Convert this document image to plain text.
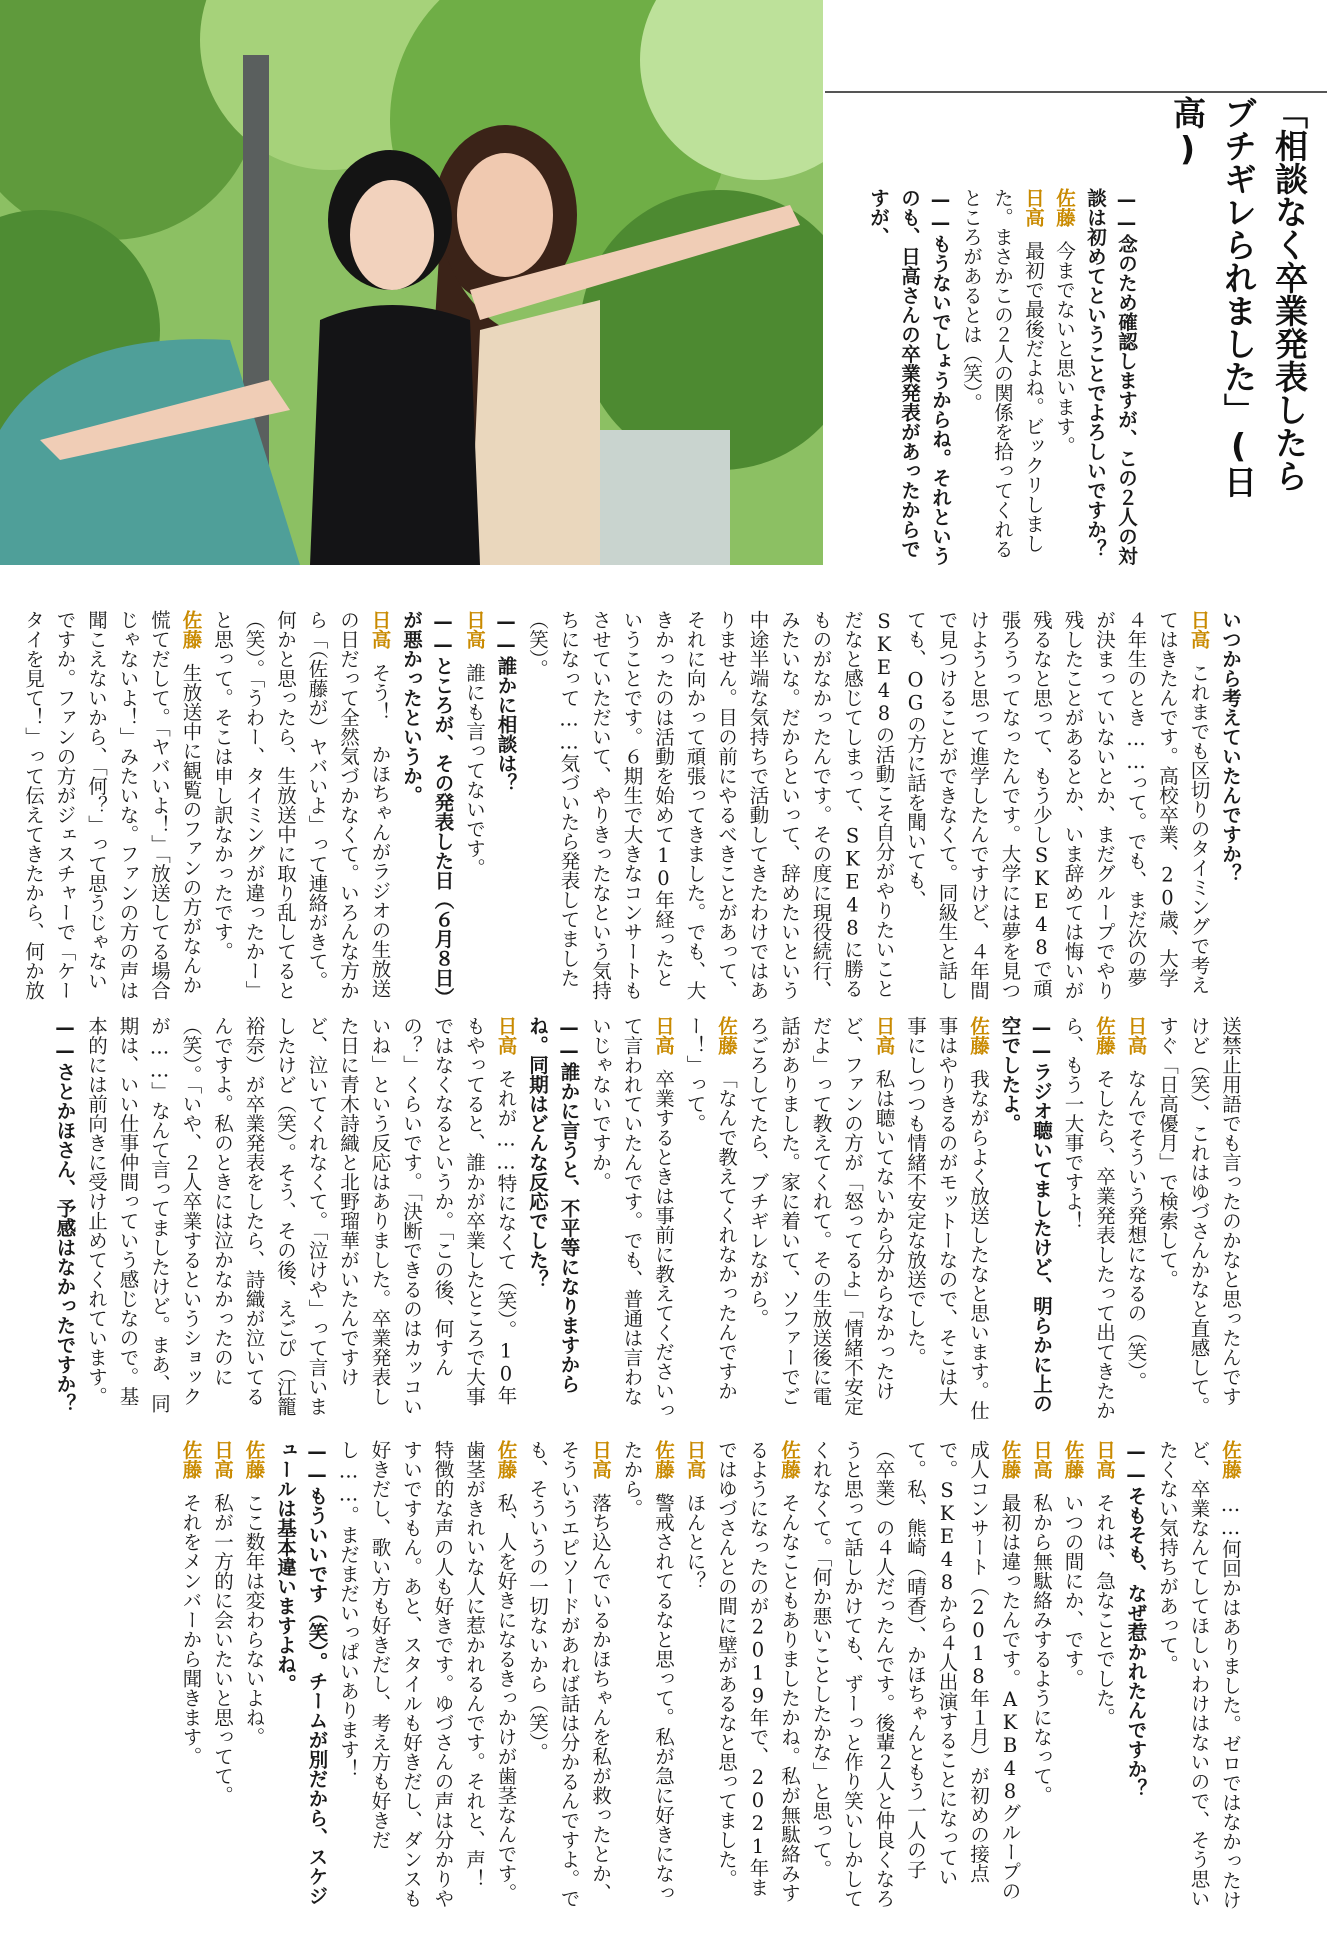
「相談なく卒業発表したら
ブチギレられました」(日高)
——念のため確認しますが、この２人の対談は初めてということでよろしいですか？
佐藤今までないと思います。
日高最初で最後だよね。ビックリしました。まさかこの２人の関係を拾ってくれるところがあるとは（笑）。
——もうないでしょうからね。それというのも、日高さんの卒業発表があったからですが、
いつから考えていたんですか？
日高これまでも区切りのタイミングで考えてはきたんです。高校卒業、20歳、大学４年生のとき……って。でも、まだ次の夢が決まっていないとか、まだグループでやり残したことがあるとか、いま辞めては悔いが残るなと思って、もう少しSKE48で頑張ろうってなったんです。大学には夢を見つけようと思って進学したんですけど、４年間で見つけることができなくて。同級生と話しても、OGの方に話を聞いても、SKE48の活動こそ自分がやりたいことだなと感じてしまって、SKE48に勝るものがなかったんです。その度に現役続行、みたいな。だからといって、辞めたいという中途半端な気持ちで活動してきたわけではありません。目の前にやるべきことがあって、それに向かって頑張ってきました。でも、大きかったのは活動を始めて10年経ったということです。６期生で大きなコンサートもさせていただいて、やりきったなという気持ちになって……気づいたら発表してました（笑）。
——誰かに相談は？
日高誰にも言ってないです。
——ところが、その発表した日（６月８日）が悪かったというか。
日高そう！ かほちゃんがラジオの生放送の日だって全然気づかなくて。いろんな方から「（佐藤が）ヤバいよ」って連絡がきて。何かと思ったら、生放送中に取り乱してると（笑）。「うわー、タイミングが違ったかー」と思って。そこは申し訳なかったです。
佐藤生放送中に観覧のファンの方がなんか慌てだして。「ヤバいよ！」「放送してる場合じゃないよ！」みたいな。ファンの方の声は聞こえないから、「何？」って思うじゃないですか。ファンの方がジェスチャーで「ケータイを見て！」って伝えてきたから、何か放
送禁止用語でも言ったのかなと思ったんですけど（笑）、これはゆづさんかなと直感して。すぐ「日高優月」で検索して。
日高なんでそういう発想になるの（笑）。
佐藤そしたら、卒業発表したって出てきたから、もう一大事ですよ！
——ラジオ聴いてましたけど、明らかに上の空でしたよ。
佐藤我ながらよく放送したなと思います。仕事はやりきるのがモットーなので、そこは大事にしつつも情緒不安定な放送でした。
日高私は聴いてないから分からなかったけど、ファンの方が「怒ってるよ」「情緒不安定だよ」って教えてくれて。その生放送後に電話がありました。家に着いて、ソファーでごろごろしてたら、ブチギレながら。
佐藤「なんで教えてくれなかったんですかー！」って。
日高卒業するときは事前に教えてくださいって言われていたんです。でも、普通は言わないじゃないですか。
——誰かに言うと、不平等になりますからね。同期はどんな反応でした？
日高それが……特になくて（笑）。10年もやってると、誰かが卒業したところで大事ではなくなるというか。「この後、何すんの？」くらいです。「決断できるのはカッコいいね」という反応はありました。卒業発表した日に青木詩織と北野瑠華がいたんですけど、泣いてくれなくて。「泣けや」って言いましたけど（笑）。そう、その後、えごぴ（江籠裕奈）が卒業発表をしたら、詩織が泣いてるんですよ。私のときには泣かなかったのに（笑）。「いや、２人卒業するというショックが……」なんて言ってましたけど。まあ、同期は、いい仕事仲間っていう感じなので。基本的には前向きに受け止めてくれています。
——さとかほさん、予感はなかったですか？
佐藤……何回かはありました。ゼロではなかったけど、卒業なんてしてほしいわけはないので、そう思いたくない気持ちがあって。
——そもそも、なぜ惹かれたんですか？
日高それは、急なことでした。
佐藤いつの間にか、です。
日高私から無駄絡みするようになって。
佐藤最初は違ったんです。AKB48グループの成人コンサート（2018年１月）が初めの接点で。SKE48から４人出演することになっていて。私、熊崎（晴香）、かほちゃんともう一人の子（卒業）の４人だったんです。後輩２人と仲良くなろうと思って話しかけても、ずーっと作り笑いしかしてくれなくて。「何か悪いことしたかな」と思って。
佐藤そんなこともありましたかね。私が無駄絡みするようになったのが2019年で、2021年まではゆづさんとの間に壁があるなと思ってました。
日高ほんとに？
佐藤警戒されてるなと思って。私が急に好きになったから。
日高落ち込んでいるかほちゃんを私が救ったとか、そういうエピソードがあれば話は分かるんですよ。でも、そういうの一切ないから（笑）。
佐藤私、人を好きになるきっかけが歯茎なんです。歯茎がきれいな人に惹かれるんです。それと、声！ 特徴的な声の人も好きです。ゆづさんの声は分かりやすいですもん。あと、スタイルも好きだし、ダンスも好きだし、歌い方も好きだし、考え方も好きだし……。まだまだいっぱいあります！
——もういいです（笑）。チームが別だから、スケジュールは基本違いますよね。
佐藤ここ数年は変わらないよね。
日高私が一方的に会いたいと思ってて。
佐藤それをメンバーから聞きます。
